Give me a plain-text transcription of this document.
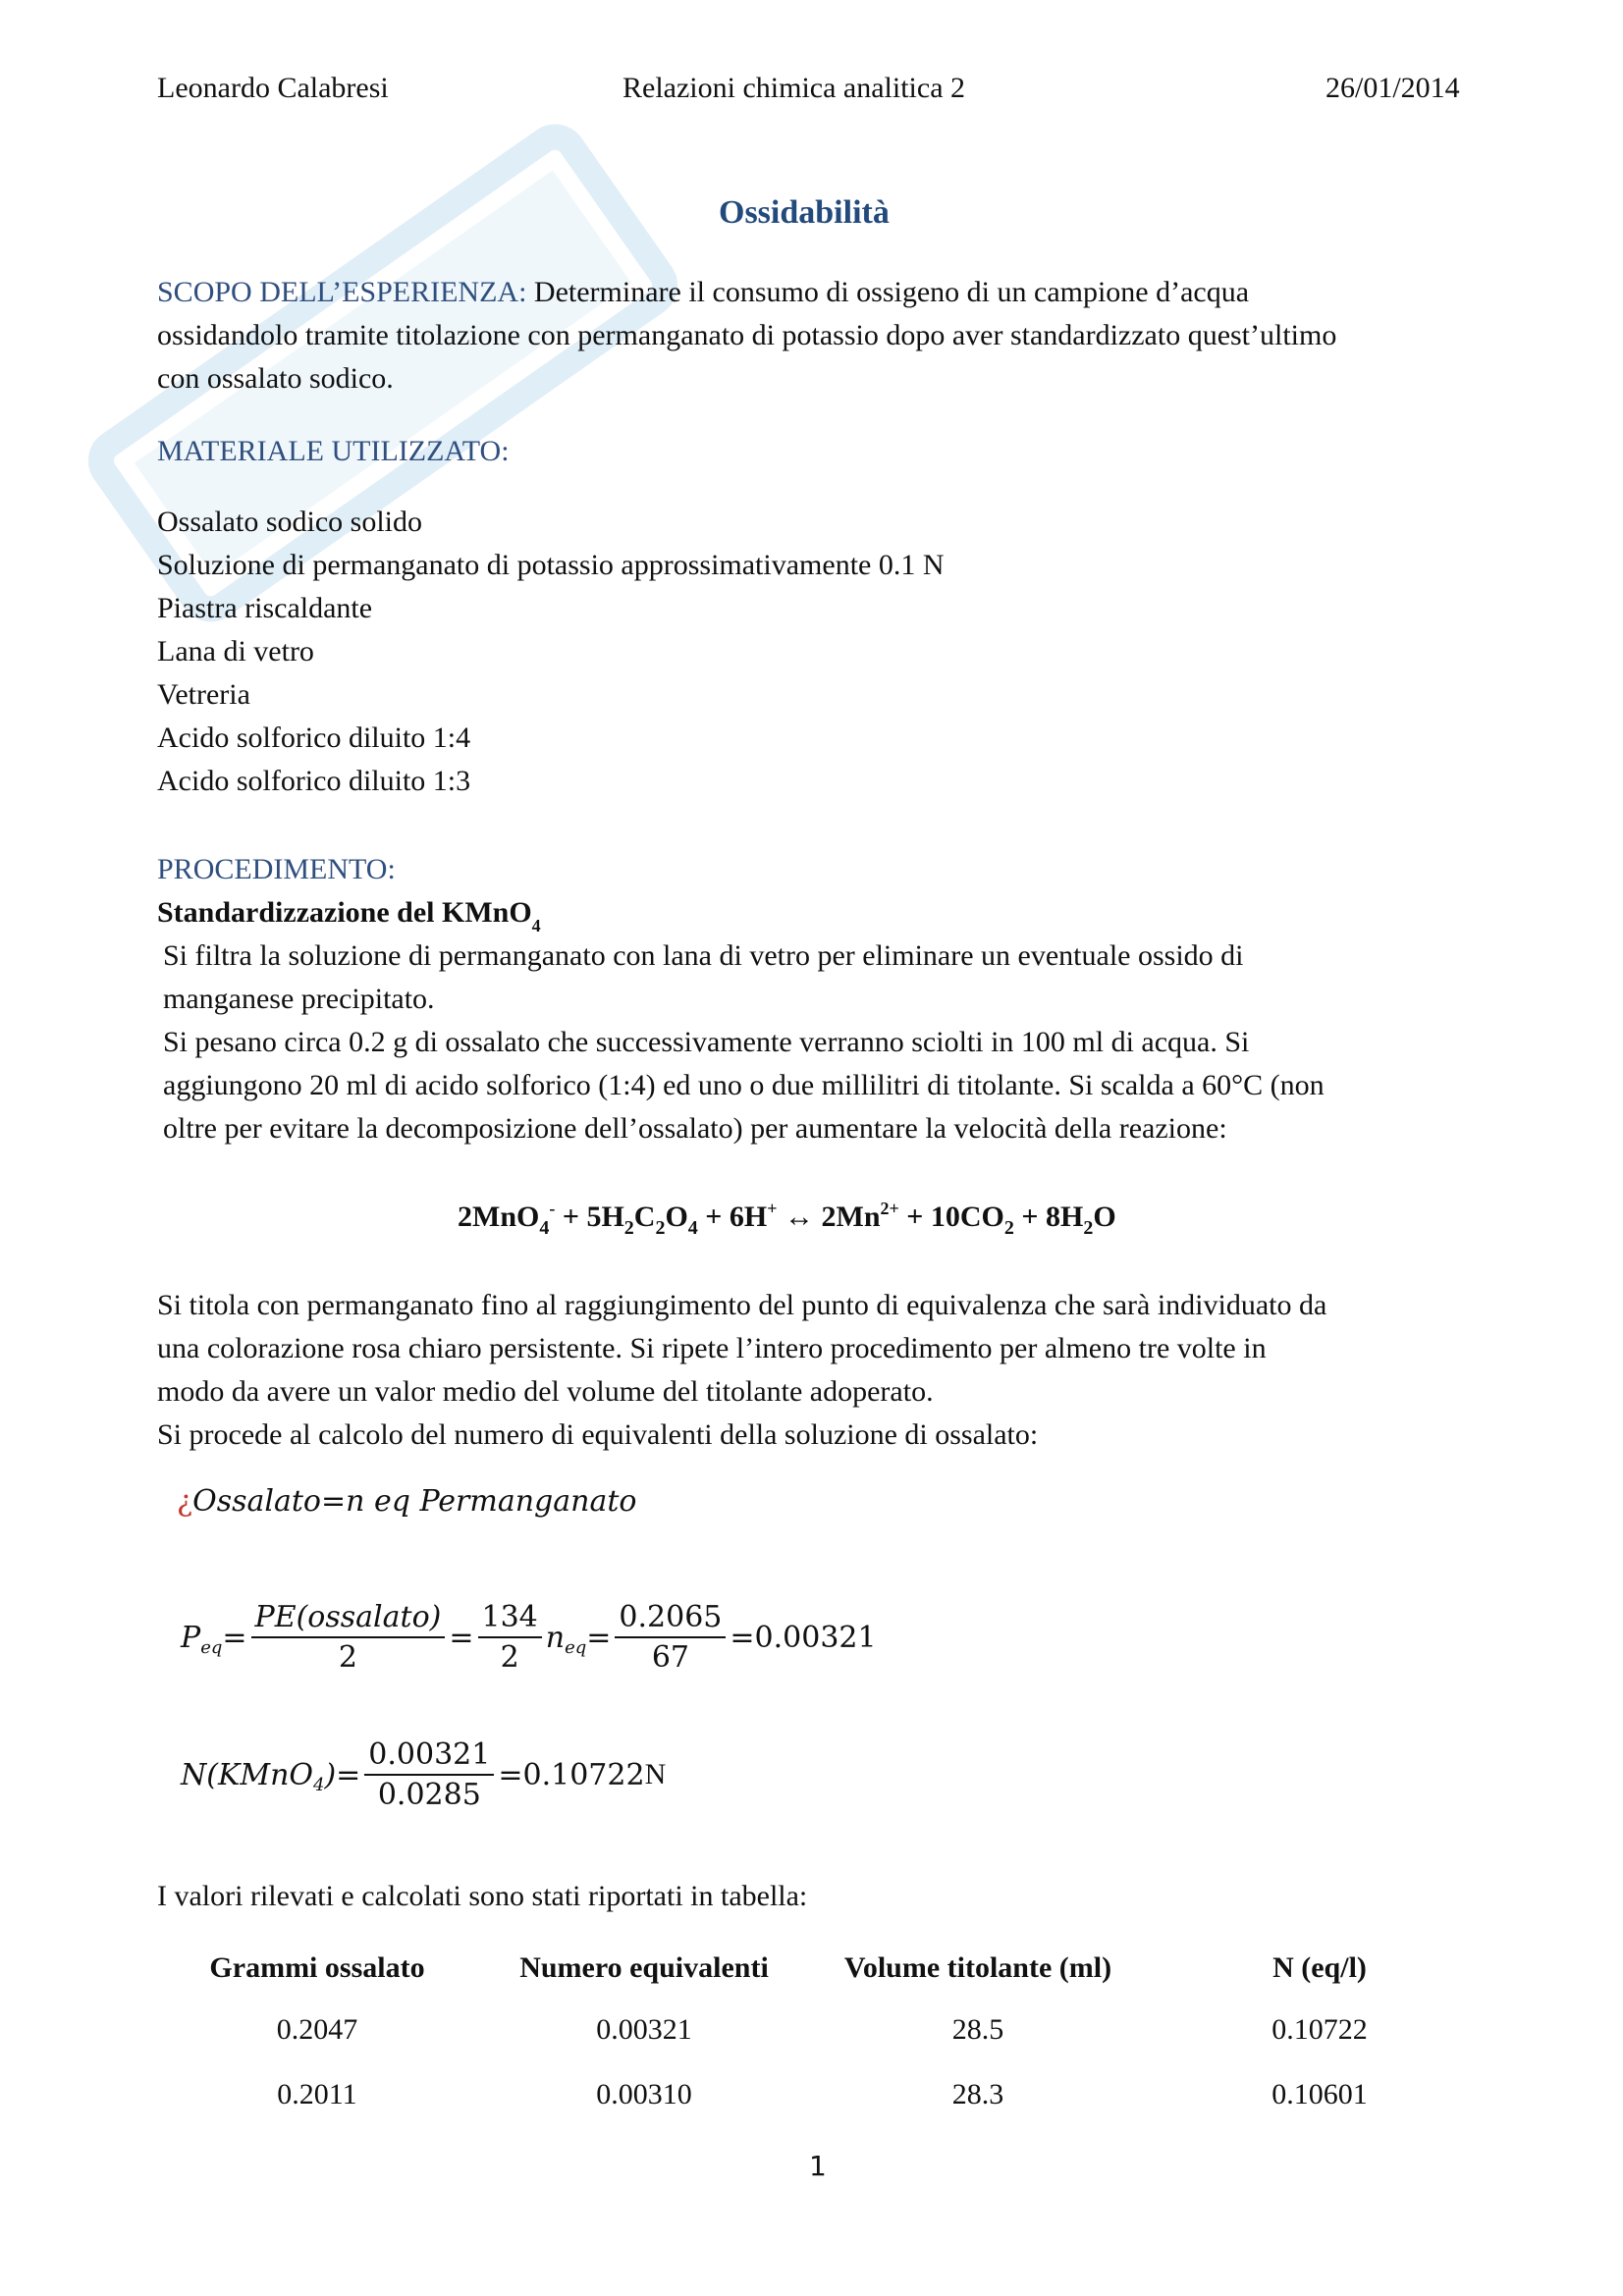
Leonardo Calabresi	Relazioni chimica analitica 2	26/01/2014
Ossidabilità
SCOPO DELL’ESPERIENZA: Determinare il consumo di ossigeno di un campione d’acqua
ossidandolo tramite titolazione con permanganato di potassio dopo aver standardizzato quest’ultimo
con ossalato sodico.
MATERIALE UTILIZZATO:
Ossalato sodico solido
Soluzione di permanganato di potassio approssimativamente 0.1 N
Piastra riscaldante
Lana di vetro
Vetreria
Acido solforico diluito 1:4
Acido solforico diluito 1:3
PROCEDIMENTO:
Standardizzazione del KMnO$_4$
Si filtra la soluzione di permanganato con lana di vetro per eliminare un eventuale ossido di
manganese precipitato.
Si pesano circa 0.2 g di ossalato che successivamente verranno sciolti in 100 ml di acqua. Si
aggiungono 20 ml di acido solforico (1:4) ed uno o due millilitri di titolante. Si scalda a 60°C (non
oltre per evitare la decomposizione dell’ossalato) per aumentare la velocità della reazione:
$2MnO_4^- + 5H_2C_2O_4 + 6H^+$ ↔ $2Mn^{2+} + 10CO_2 + 8H_2O$
Si titola con permanganato fino al raggiungimento del punto di equivalenza che sarà individuato da
una colorazione rosa chiaro persistente. Si ripete l’intero procedimento per almeno tre volte in
modo da avere un valor medio del volume del titolante adoperato.
Si procede al calcolo del numero di equivalenti della soluzione di ossalato:
¿Ossalato=n eq Permanganato
P eq = $\frac{\text{PE(ossalato)}}{2} = \frac{134}{2}$ n eq = $\frac{0.2065}{67} =0.00321$
N(KMnO 4 )= $\frac{0.00321}{0.0285} =0.10722$ N
I valori rilevati e calcolati sono stati riportati in tabella:
Grammi ossalato	Numero equivalenti	Volume titolante (ml)	N (eq/l)
0.2047	0.00321	28.5	0.10722
0.2011	0.00310	28.3	0.10601
1
